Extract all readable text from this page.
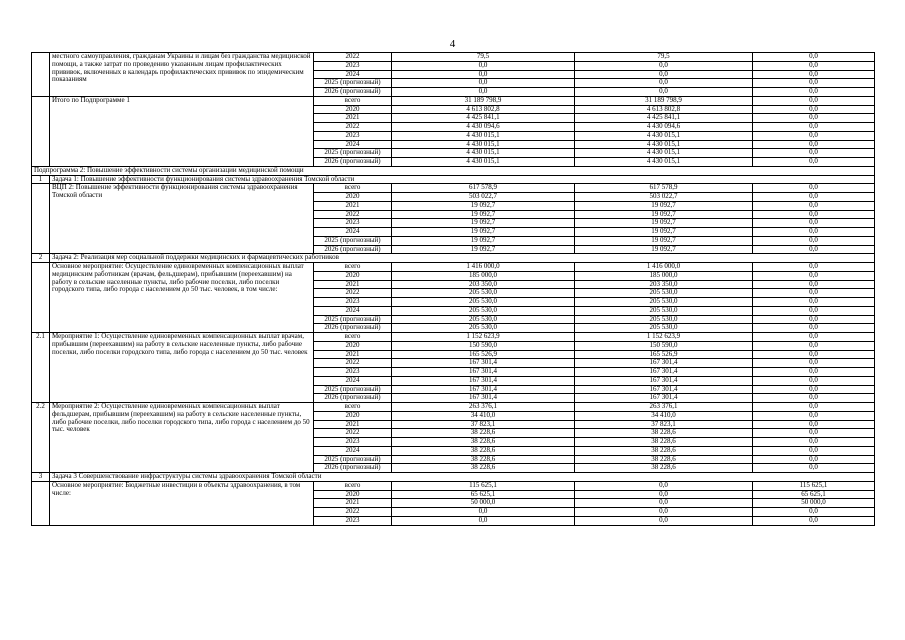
4
	местного самоуправления, гражданам Украины и лицам без гражданства медицинской помощи, а также затрат по проведению указанным лицам профилактических прививок, включенных в календарь профилактических прививок по эпидемическим показаниям	2022	79,5	79,5	0,0
		2023	0,0	0,0	0,0
		2024	0,0	0,0	0,0
		2025 (прогнозный)	0,0	0,0	0,0
		2026 (прогнозный)	0,0	0,0	0,0
	Итого по Подпрограмме 1	всего	31 189 798,9	31 189 798,9	0,0
		2020	4 613 802,8	4 613 802,8	0,0
		2021	4 425 841,1	4 425 841,1	0,0
		2022	4 430 094,6	4 430 094,6	0,0
		2023	4 430 015,1	4 430 015,1	0,0
		2024	4 430 015,1	4 430 015,1	0,0
		2025 (прогнозный)	4 430 015,1	4 430 015,1	0,0
		2026 (прогнозный)	4 430 015,1	4 430 015,1	0,0
Подпрограмма 2: Повышение эффективности системы организации медицинской помощи					
1	Задача 1: Повышение эффективности функционирования системы здравоохранения Томской области				
	ВЦП 2: Повышение эффективности функционирования системы здравоохранения Томской области	всего	617 578,9	617 578,9	0,0
		2020	503 022,7	503 022,7	0,0
		2021	19 092,7	19 092,7	0,0
		2022	19 092,7	19 092,7	0,0
		2023	19 092,7	19 092,7	0,0
		2024	19 092,7	19 092,7	0,0
		2025 (прогнозный)	19 092,7	19 092,7	0,0
		2026 (прогнозный)	19 092,7	19 092,7	0,0
2	Задача 2: Реализация мер социальной поддержки медицинских и фармацевтических работников				
	Основное мероприятие: Осуществление единовременных компенсационных выплат медицинским работникам (врачам, фельдшерам), прибывшим (переехавшим) на работу в сельские населенные пункты, либо рабочие поселки, либо поселки городского типа, либо города с населением до 50 тыс. человек, в том числе:	всего	1 416 000,0	1 416 000,0	0,0
		2020	185 000,0	185 000,0	0,0
		2021	203 350,0	203 350,0	0,0
		2022	205 530,0	205 530,0	0,0
		2023	205 530,0	205 530,0	0,0
		2024	205 530,0	205 530,0	0,0
		2025 (прогнозный)	205 530,0	205 530,0	0,0
		2026 (прогнозный)	205 530,0	205 530,0	0,0
2.1	Мероприятие 1: Осуществление единовременных компенсационных выплат врачам, прибывшим (переехавшим) на работу в сельские населенные пункты, либо рабочие поселки, либо поселки городского типа, либо города с населением до 50 тыс. человек	всего	1 152 623,9	1 152 623,9	0,0
		2020	150 590,0	150 590,0	0,0
		2021	165 526,9	165 526,9	0,0
		2022	167 301,4	167 301,4	0,0
		2023	167 301,4	167 301,4	0,0
		2024	167 301,4	167 301,4	0,0
		2025 (прогнозный)	167 301,4	167 301,4	0,0
		2026 (прогнозный)	167 301,4	167 301,4	0,0
2.2	Мероприятие 2: Осуществление единовременных компенсационных выплат фельдшерам, прибывшим (переехавшим) на работу в сельские населенные пункты, либо рабочие поселки, либо поселки городского типа, либо города с населением до 50 тыс. человек	всего	263 376,1	263 376,1	0,0
		2020	34 410,0	34 410,0	0,0
		2021	37 823,1	37 823,1	0,0
		2022	38 228,6	38 228,6	0,0
		2023	38 228,6	38 228,6	0,0
		2024	38 228,6	38 228,6	0,0
		2025 (прогнозный)	38 228,6	38 228,6	0,0
		2026 (прогнозный)	38 228,6	38 228,6	0,0
3	Задача 3 Совершенствование инфраструктуры системы здравоохранения Томской области				
	Основное мероприятие: Бюджетные инвестиции в объекты здравоохранения, в том числе:	всего	115 625,1	0,0	115 625,1
		2020	65 625,1	0,0	65 625,1
		2021	50 000,0	0,0	50 000,0
		2022	0,0	0,0	0,0
		2023	0,0	0,0	0,0
